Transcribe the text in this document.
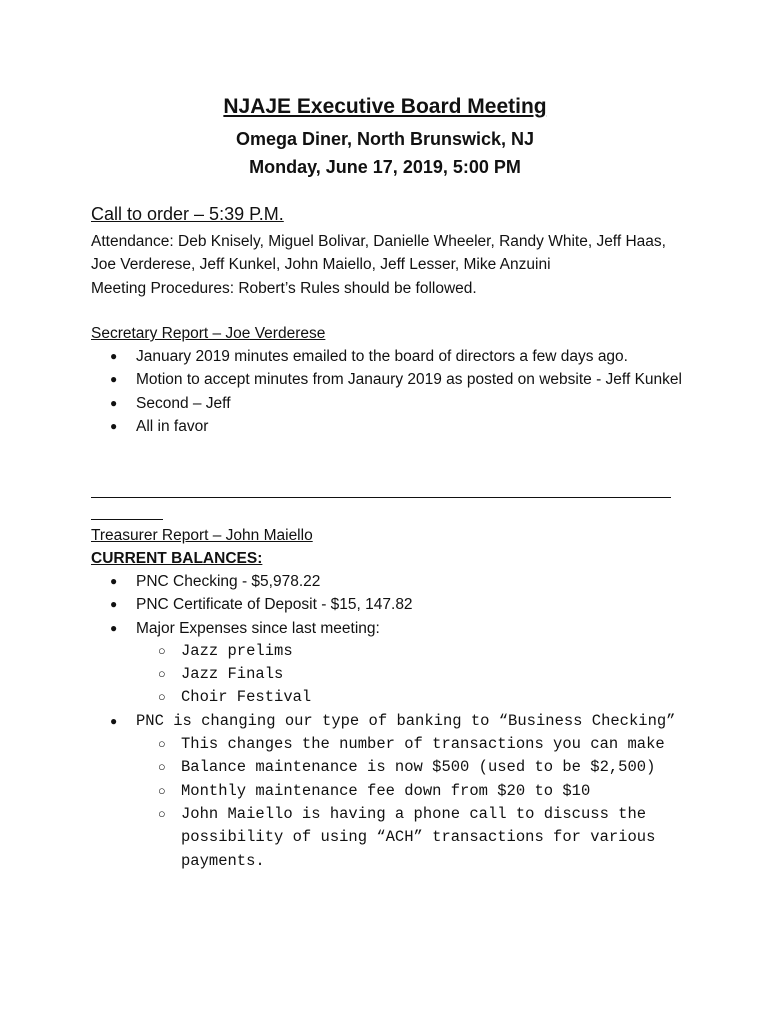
NJAJE Executive Board Meeting
Omega Diner, North Brunswick, NJ
Monday, June 17, 2019, 5:00 PM
Call to order – 5:39 P.M.

Attendance: Deb Knisely, Miguel Bolivar, Danielle Wheeler, Randy White, Jeff Haas, Joe Verderese, Jeff Kunkel, John Maiello, Jeff Lesser, Mike Anzuini

Meeting Procedures: Robert’s Rules should be followed.

Secretary Report – Joe Verderese
● January 2019 minutes emailed to the board of directors a few days ago.
● Motion to accept minutes from Janaury 2019 as posted on website - Jeff Kunkel
● Second – Jeff
● All in favor
Treasurer Report – John Maiello
CURRENT BALANCES:
● PNC Checking - $5,978.22
● PNC Certificate of Deposit - $15, 147.82
● Major Expenses since last meeting:
○ Jazz prelims
○ Jazz Finals
○ Choir Festival
● PNC is changing our type of banking to “Business Checking”
○ This changes the number of transactions you can make
○ Balance maintenance is now $500 (used to be $2,500)
○ Monthly maintenance fee down from $20 to $10
○ John Maiello is having a phone call to discuss the possibility of using “ACH” transactions for various payments.
